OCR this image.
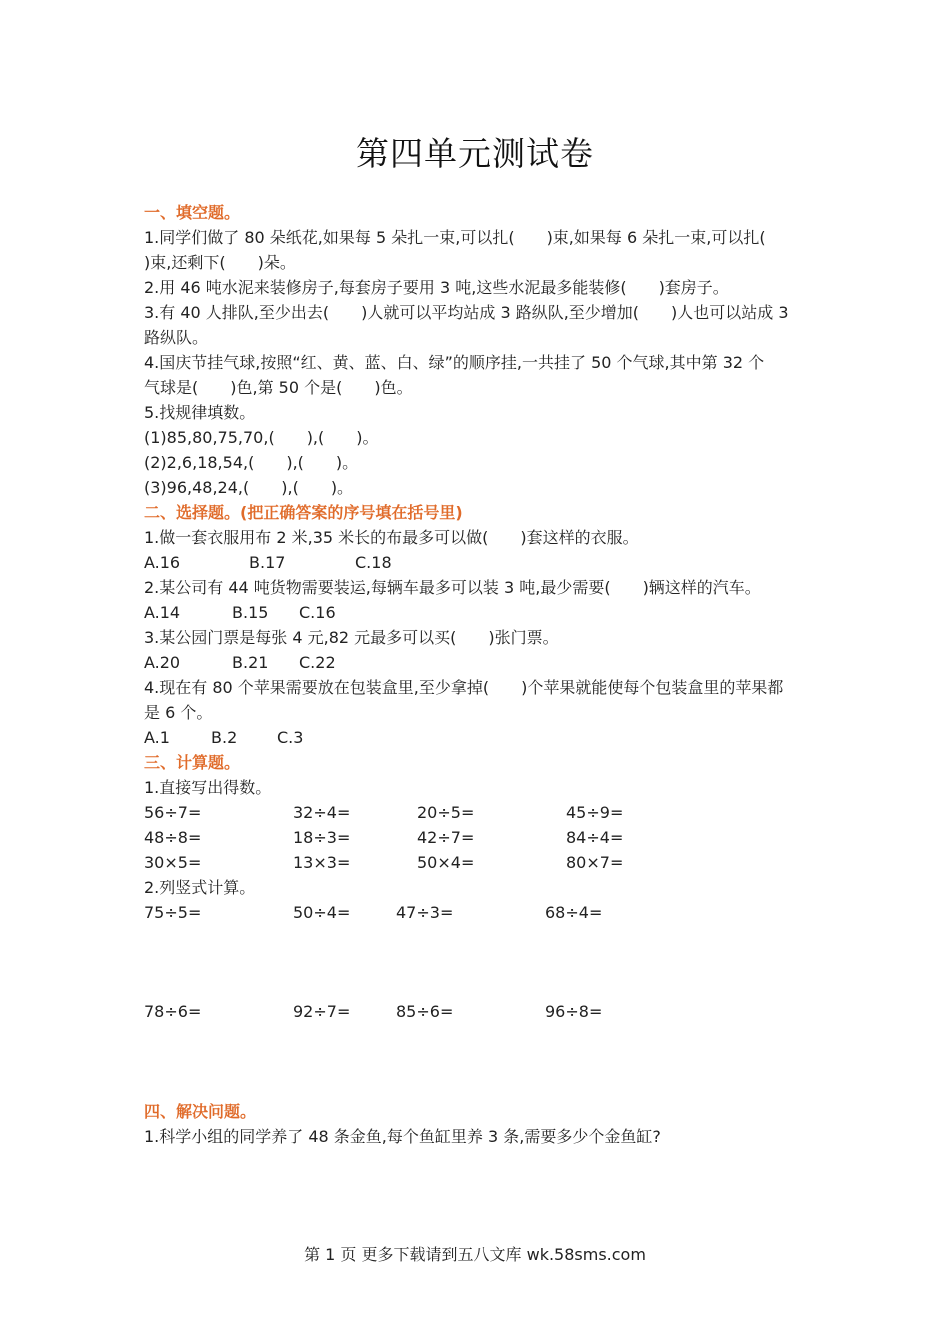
第四单元测试卷
一、填空题。
1.同学们做了 80 朵纸花,如果每 5 朵扎一束,可以扎(　　)束,如果每 6 朵扎一束,可以扎(
)束,还剩下(　　)朵。
2.用 46 吨水泥来装修房子,每套房子要用 3 吨,这些水泥最多能装修(　　)套房子。
3.有 40 人排队,至少出去(　　)人就可以平均站成 3 路纵队,至少增加(　　)人也可以站成 3
路纵队。
4.国庆节挂气球,按照“红、黄、蓝、白、绿”的顺序挂,一共挂了 50 个气球,其中第 32 个
气球是(　　)色,第 50 个是(　　)色。
5.找规律填数。
(1)85,80,75,70,(　　),(　　)。
(2)2,6,18,54,(　　),(　　)。
(3)96,48,24,(　　),(　　)。
二、选择题。(把正确答案的序号填在括号里)
1.做一套衣服用布 2 米,35 米长的布最多可以做(　　)套这样的衣服。
A.16	B.17	C.18
2.某公司有 44 吨货物需要装运,每辆车最多可以装 3 吨,最少需要(　　)辆这样的汽车。
A.14	B.15 C.16
3.某公园门票是每张 4 元,82 元最多可以买(　　)张门票。
A.20	B.21 C.22
4.现在有 80 个苹果需要放在包装盒里,至少拿掉(　　)个苹果就能使每个包装盒里的苹果都
是 6 个。
A.1	B.2 C.3
三、计算题。
1.直接写出得数。
56÷7=	32÷4=	20÷5=	45÷9=
48÷8=	18÷3=	42÷7=	84÷4=
30×5=	13×3=	50×4=	80×7=
2.列竖式计算。
75÷5=	50÷4=	47÷3=	68÷4=
78÷6=	92÷7=	85÷6=	96÷8=
四、解决问题。
1.科学小组的同学养了 48 条金鱼,每个鱼缸里养 3 条,需要多少个金鱼缸?
第 1 页 更多下载请到五八文库 wk.58sms.com
